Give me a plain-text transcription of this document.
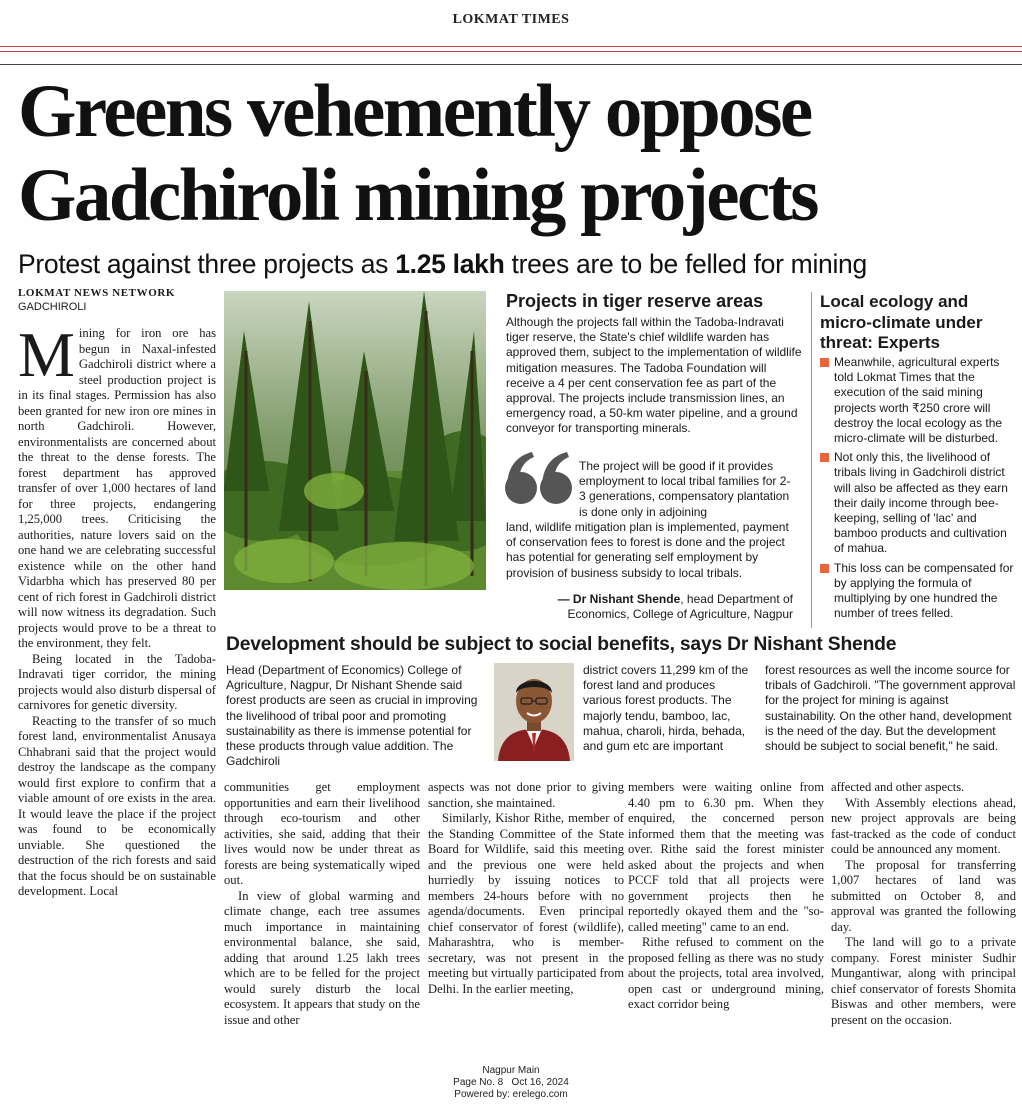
LOKMAT TIMES
Greens vehemently oppose
Gadchiroli mining projects
Protest against three projects as 1.25 lakh trees are to be felled for mining
LOKMAT NEWS NETWORK
GADCHIROLI

Mining for iron ore has begun in Naxal-infested Gadchiroli district where a steel production project is in its final stages. Permission has also been granted for new iron ore mines in north Gadchiroli. However, environmentalists are concerned about the threat to the dense forests. The forest department has approved transfer of over 1,000 hectares of land for three projects, endangering 1,25,000 trees. Criticising the authorities, nature lovers said on the one hand we are celebrating successful existence while on the other hand Vidarbha which has preserved 80 per cent of rich forest in Gadchiroli district will now witness its degradation. Such projects would prove to be a threat to the environment, they felt.

Being located in the Tadoba-Indravati tiger corridor, the mining projects would also disturb dispersal of carnivores for genetic diversity.

Reacting to the transfer of so much forest land, environmentalist Anusaya Chhabrani said that the project would destroy the landscape as the company would first explore to confirm that a viable amount of ore exists in the area. It would leave the place if the project was found to be economically unviable. She questioned the destruction of the rich forests and said that the focus should be on sustainable development. Local

Projects in tiger reserve areas
Although the projects fall within the Tadoba-Indravati tiger reserve, the State's chief wildlife warden has approved them, subject to the implementation of wildlife mitigation measures. The Tadoba Foundation will receive a 4 per cent conservation fee as part of the approval. The projects include transmission lines, an emergency road, a 50-km water pipeline, and a ground conveyor for transporting minerals.
The project will be good if it provides employment to local tribal families for 2-3 generations, compensatory plantation is done only in adjoining
land, wildlife mitigation plan is implemented, payment of conservation fees to forest is done and the project has potential for generating self employment by provision of business subsidy to local tribals.
— Dr Nishant Shende, head Department of Economics, College of Agriculture, Nagpur
Local ecology and micro-climate under threat: Experts
Meanwhile, agricultural experts told Lokmat Times that the execution of the said mining projects worth ₹250 crore will destroy the local ecology as the micro-climate will be disturbed.
Not only this, the livelihood of tribals living in Gadchiroli district will also be affected as they earn their daily income through bee-keeping, selling of 'lac' and bamboo products and cultivation of mahua.
This loss can be compensated for by applying the formula of multiplying by one hundred the number of trees felled.
Development should be subject to social benefits, says Dr Nishant Shende
Head (Department of Economics) College of Agriculture, Nagpur, Dr Nishant Shende said forest products are seen as crucial in improving the livelihood of tribal poor and promoting sustainability as there is immense potential for these products through value addition. The Gadchiroli
district covers 11,299 km of the forest land and produces various forest products. The majorly tendu, bamboo, lac, mahua, charoli, hirda, behada, and gum etc are important
forest resources as well the income source for tribals of Gadchiroli. "The government approval for the project for mining is against sustainability. On the other hand, development is the need of the day. But the development should be subject to social benefit," he said.

communities get employment opportunities and earn their livelihood through eco-tourism and other activities, she said, adding that their lives would now be under threat as forests are being systematically wiped out.

In view of global warming and climate change, each tree assumes much importance in maintaining environmental balance, she said, adding that around 1.25 lakh trees which are to be felled for the project would surely disturb the local ecosystem. It appears that study on the issue and other

aspects was not done prior to giving sanction, she maintained.

Similarly, Kishor Rithe, member of the Standing Committee of the State Board for Wildlife, said this meeting and the previous one were held hurriedly by issuing notices to members 24-hours before with no agenda/documents. Even principal chief conservator of forest (wildlife), Maharashtra, who is member-secretary, was not present in the meeting but virtually participated from Delhi. In the earlier meeting,

members were waiting online from 4.40 pm to 6.30 pm. When they enquired, the concerned person informed them that the meeting was over. Rithe said the forest minister asked about the projects and when PCCF told that all projects were government projects then he reportedly okayed them and the "so-called meeting" came to an end.

Rithe refused to comment on the proposed felling as there was no study about the projects, total area involved, open cast or underground mining, exact corridor being

affected and other aspects.

With Assembly elections ahead, new project approvals are being fast-tracked as the code of conduct could be announced any moment.

The proposal for transferring 1,007 hectares of land was submitted on October 8, and approval was granted the following day.

The land will go to a private company. Forest minister Sudhir Mungantiwar, along with principal chief conservator of forests Shomita Biswas and other members, were present on the occasion.

Nagpur Main
Page No. 8   Oct 16, 2024
Powered by: erelego.com
